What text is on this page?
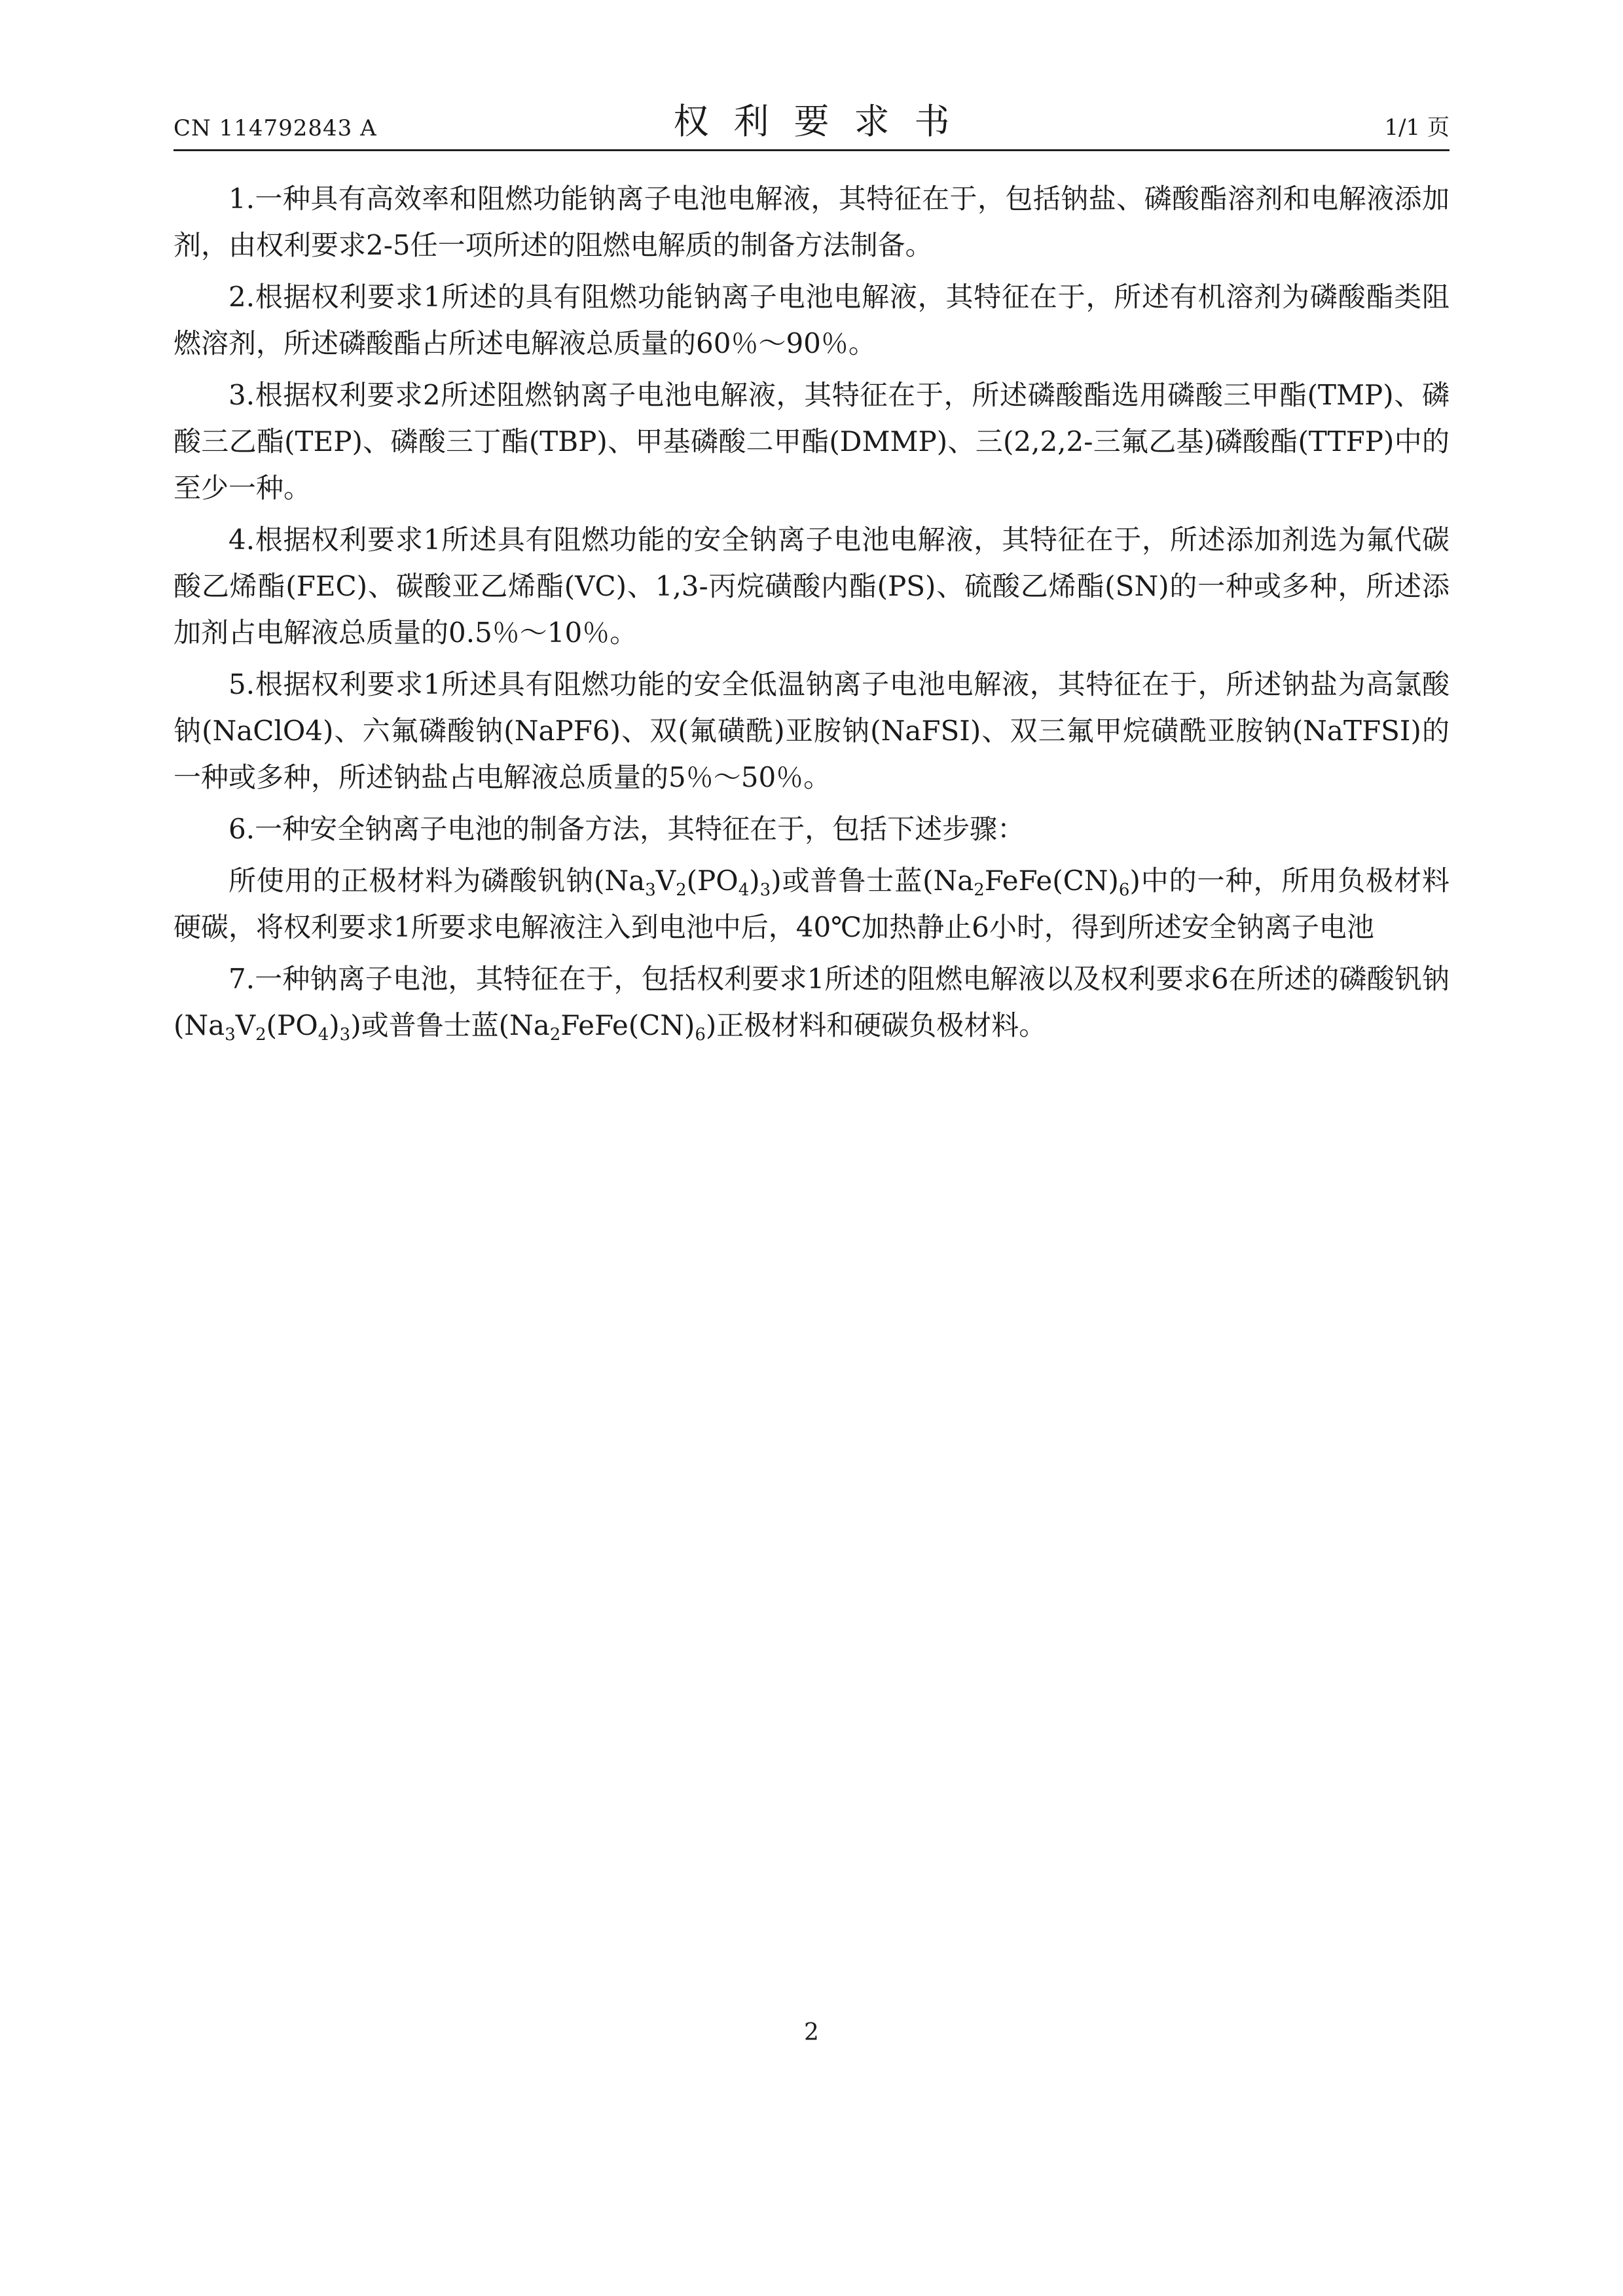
CN 114792843 A	权利要求书	1/1 页

1.一种具有高效率和阻燃功能钠离子电池电解液，其特征在于，包括钠盐、磷酸酯溶剂和电解液添加剂，由权利要求2-5任一项所述的阻燃电解质的制备方法制备。

2.根据权利要求1所述的具有阻燃功能钠离子电池电解液，其特征在于，所述有机溶剂为磷酸酯类阻燃溶剂，所述磷酸酯占所述电解液总质量的60％～90％。

3.根据权利要求2所述阻燃钠离子电池电解液，其特征在于，所述磷酸酯选用磷酸三甲酯(TMP)、磷酸三乙酯(TEP)、磷酸三丁酯(TBP)、甲基磷酸二甲酯(DMMP)、三(2,2,2-三氟乙基)磷酸酯(TTFP)中的至少一种。

4.根据权利要求1所述具有阻燃功能的安全钠离子电池电解液，其特征在于，所述添加剂选为氟代碳酸乙烯酯(FEC)、碳酸亚乙烯酯(VC)、1,3-丙烷磺酸内酯(PS)、硫酸乙烯酯(SN)的一种或多种，所述添加剂占电解液总质量的0.5％～10％。

5.根据权利要求1所述具有阻燃功能的安全低温钠离子电池电解液，其特征在于，所述钠盐为高氯酸钠(NaClO4)、六氟磷酸钠(NaPF6)、双(氟磺酰)亚胺钠(NaFSI)、双三氟甲烷磺酰亚胺钠(NaTFSI)的一种或多种，所述钠盐占电解液总质量的5％～50％。

6.一种安全钠离子电池的制备方法，其特征在于，包括下述步骤：

所使用的正极材料为磷酸钒钠$(Na_3V_2(PO_4)_3)$或普鲁士蓝$(Na_2FeFe(CN)_6)$中的一种，所用负极材料硬碳，将权利要求1所要求电解液注入到电池中后，40℃加热静止6小时，得到所述安全钠离子电池

7.一种钠离子电池，其特征在于，包括权利要求1所述的阻燃电解液以及权利要求6在所述的磷酸钒钠$(Na_3V_2(PO_4)_3)$或普鲁士蓝$(Na_2FeFe(CN)_6)$正极材料和硬碳负极材料。

2
